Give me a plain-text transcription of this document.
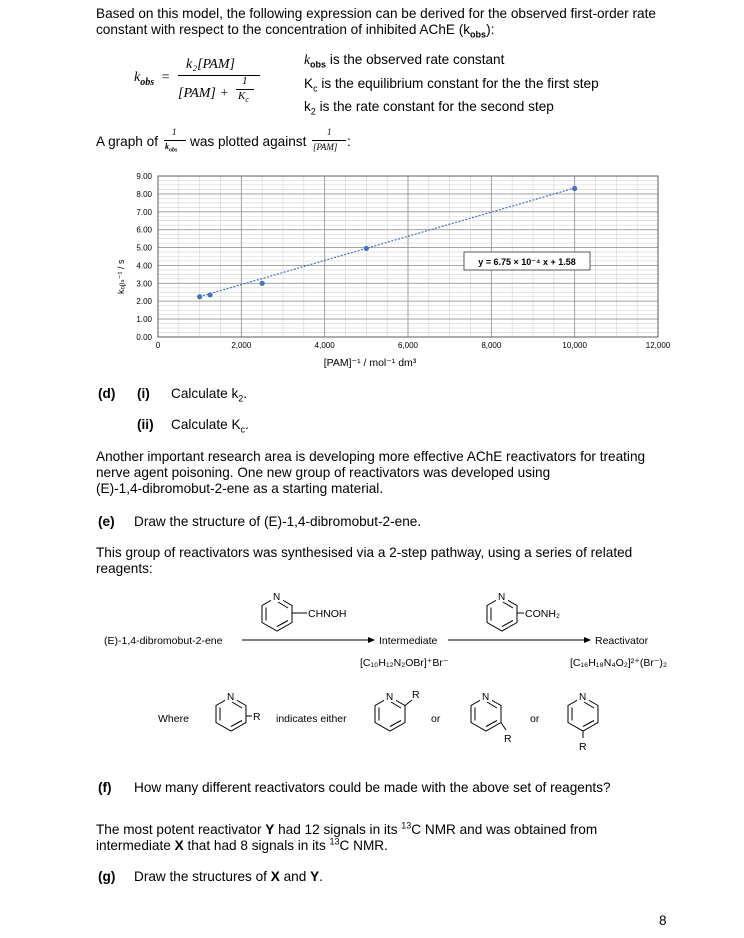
Based on this model, the following expression can be derived for the observed first-order rate
constant with respect to the concentration of inhibited AChE $(k_{obs})$:
$k_{obs}$ =
k₂[PAM]
[PAM] +
1
$K_c$
$k_{obs}$ is the observed rate constant
$K_c$ is the equilibrium constant for the the first step
$k_2$ is the rate constant for the second step
A graph of
1
$k_{obs}$
was plotted against
1
[PAM] :
0.00
1.00
2.00
3.00
4.00
5.00
6.00
7.00
8.00
9.00
0	2,000	4,000	6,000	8,000	10,000	12,000
y = 6.75 × 10⁻⁴ x + 1.58
kₒᵦₛ⁻¹ / s
[PAM]⁻¹ / mol⁻¹ dm³
(d) (i) Calculate $k_2$.
(ii) Calculate $K_c$.
Another important research area is developing more effective AChE reactivators for treating
nerve agent poisoning. One new group of reactivators was developed using
(E)-1,4-dibromobut-2-ene as a starting material.
(e) Draw the structure of (E)-1,4-dibromobut-2-ene.
This group of reactivators was synthesised via a 2-step pathway, using a series of related
reagents:
N
CHNOH
N
CONH₂
(E)-1,4-dibromobut-2-ene	Intermediate
[C₁₀H₁₂N₂OBr]⁺Br⁻
Reactivator
[C₁₆H₁₈N₄O₂]²⁺(Br⁻)₂
Where
N
R indicates either
N R
or
N
R
or
N
R
(f) How many different reactivators could be made with the above set of reagents?
The most potent reactivator Y had 12 signals in its $^{13}$C NMR and was obtained from
intermediate X that had 8 signals in its $^{13}$C NMR.
(g) Draw the structures of X and Y.
8
